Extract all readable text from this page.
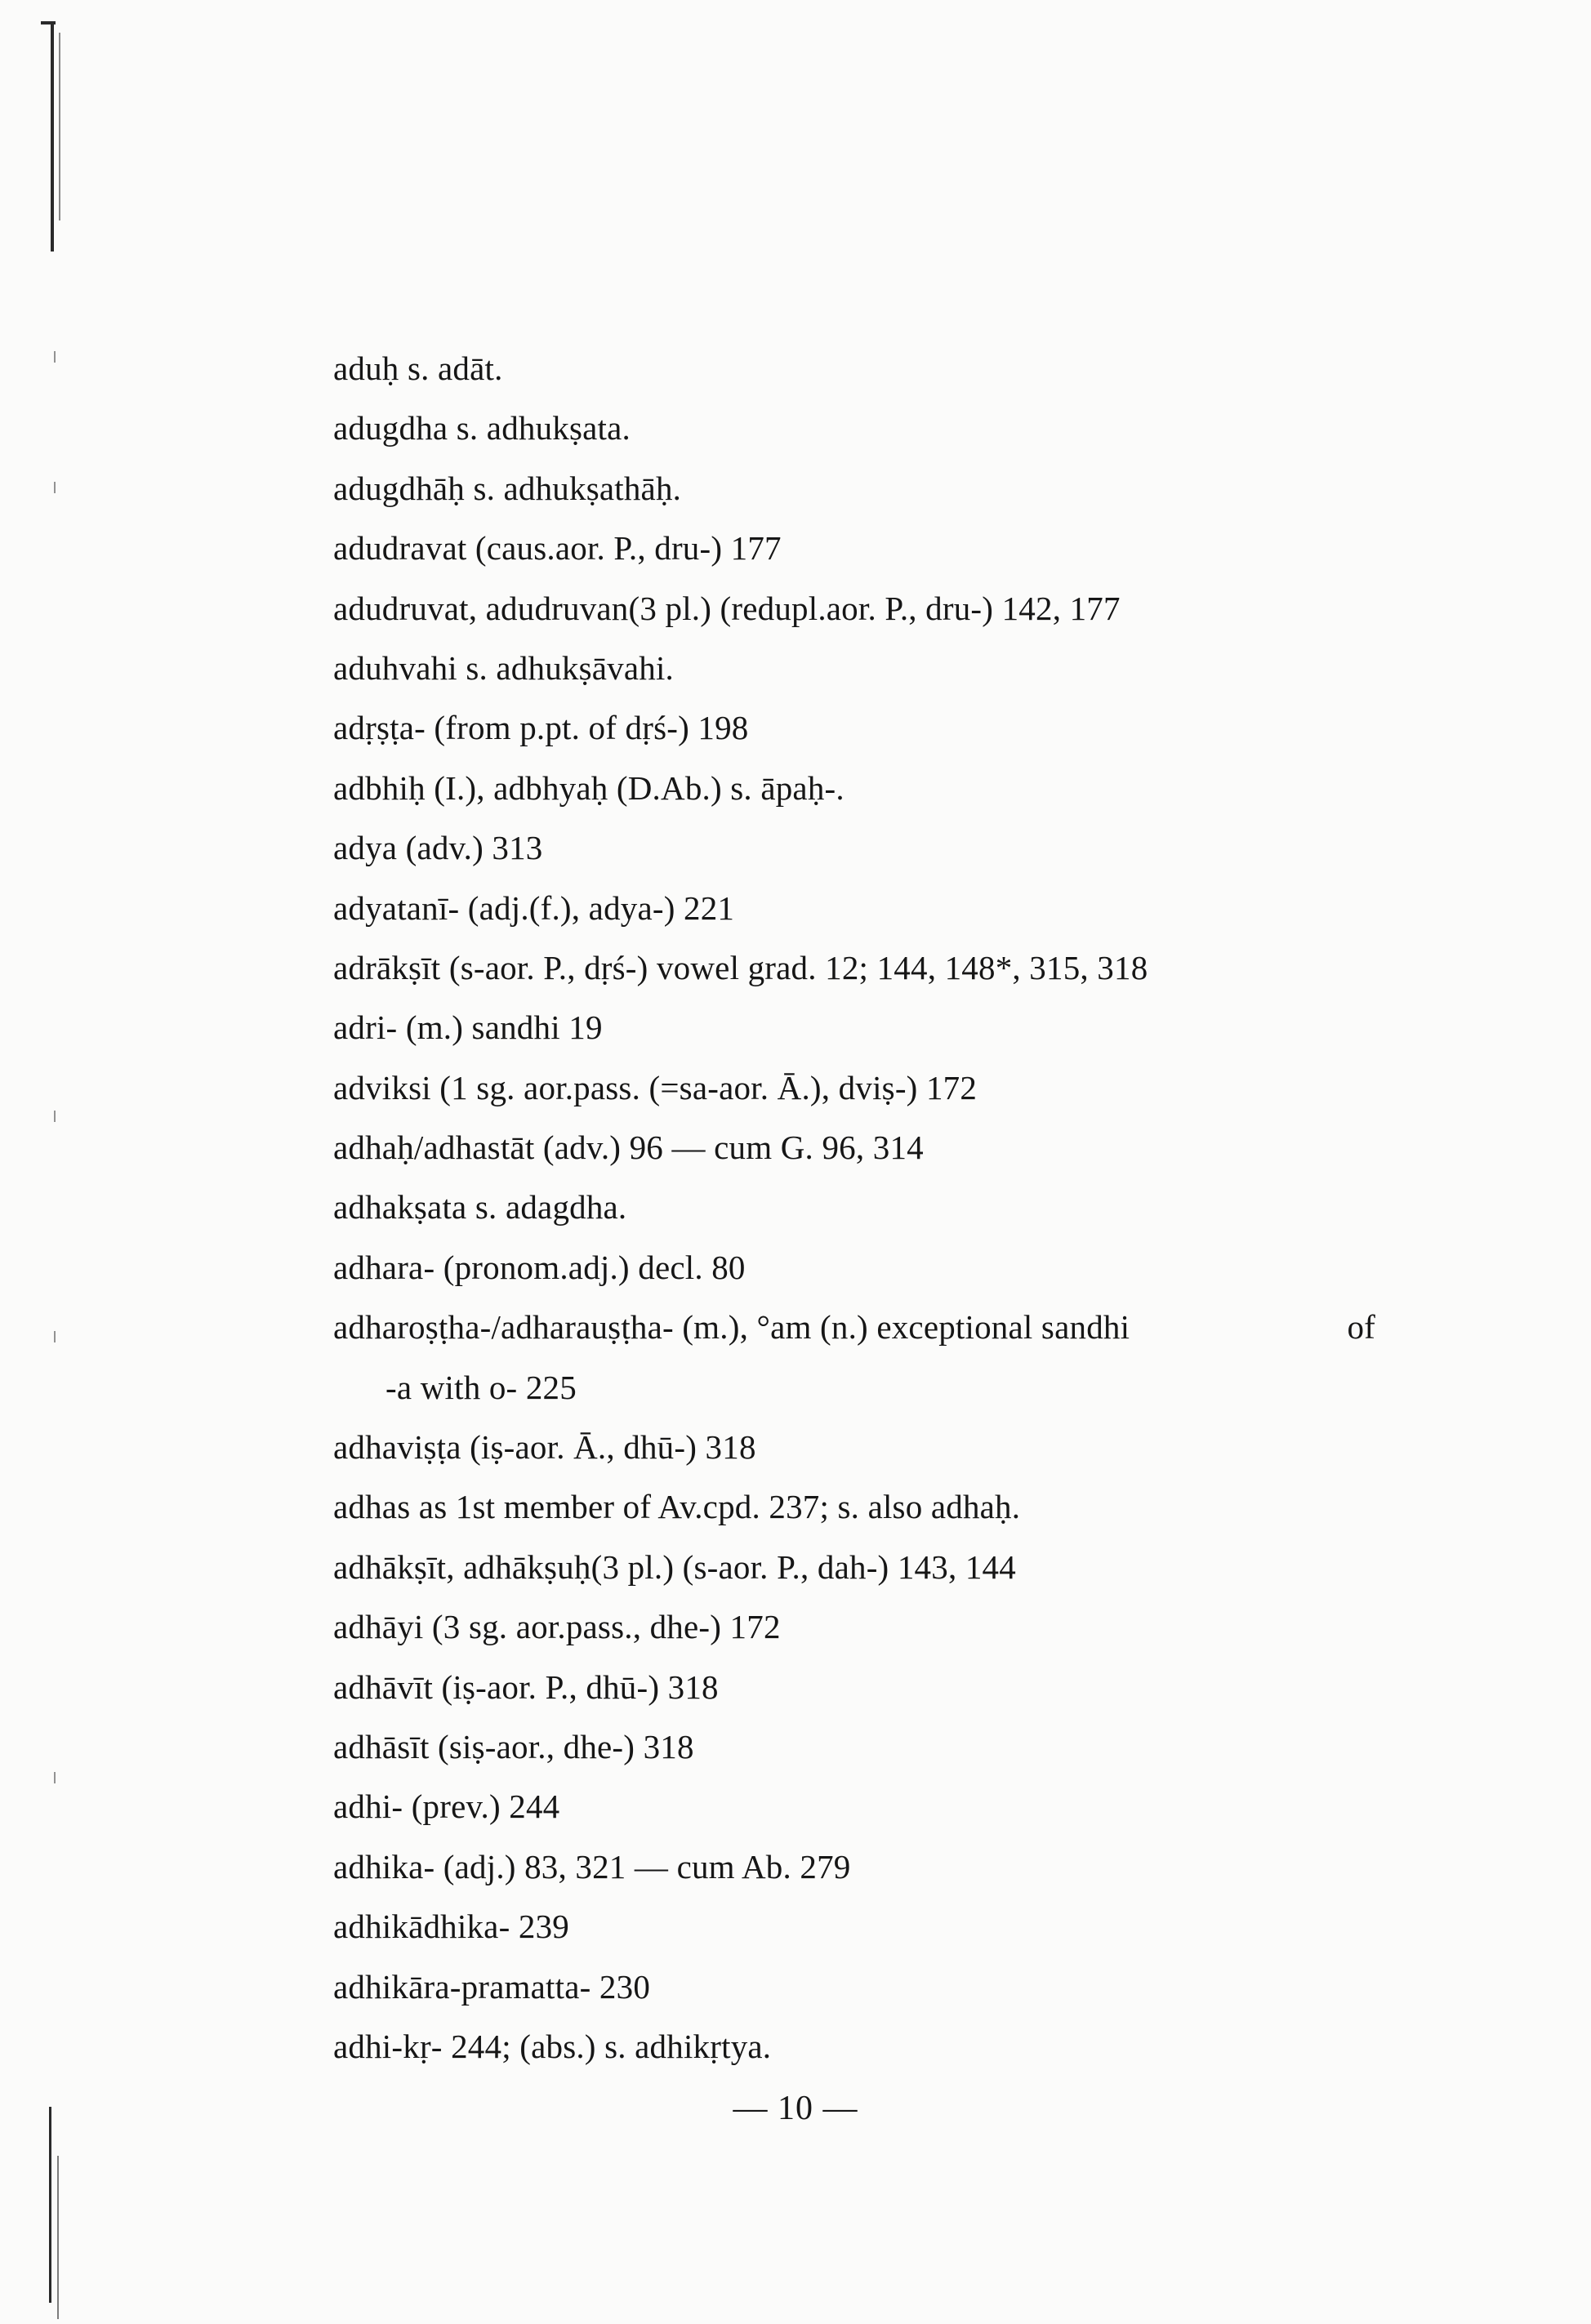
aduḥ s. adāt.
adugdha s. adhukṣata.
adugdhāḥ s. adhukṣathāḥ.
adudravat (caus.aor. P., dru-) 177
adudruvat, adudruvan(3 pl.) (redupl.aor. P., dru-) 142, 177
aduhvahi s. adhukṣāvahi.
adṛṣṭa- (from p.pt. of dṛś-) 198
adbhiḥ (I.), adbhyaḥ (D.Ab.) s. āpaḥ-.
adya (adv.) 313
adyatanī- (adj.(f.), adya-) 221
adrākṣīt (s-aor. P., dṛś-) vowel grad. 12; 144, 148*, 315, 318
adri- (m.) sandhi 19
adviksi (1 sg. aor.pass. (=sa-aor. Ā.), dviṣ-) 172
adhaḥ/adhastāt (adv.) 96 — cum G. 96, 314
adhakṣata s. adagdha.
adhara- (pronom.adj.) decl. 80
adharoṣṭha-/adharauṣṭha- (m.), °am (n.) exceptional sandhi	of
-a with o- 225
adhaviṣṭa (iṣ-aor. Ā., dhū-) 318
adhas as 1st member of Av.cpd. 237; s. also adhaḥ.
adhākṣīt, adhākṣuḥ(3 pl.) (s-aor. P., dah-) 143, 144
adhāyi (3 sg. aor.pass., dhe-) 172
adhāvīt (iṣ-aor. P., dhū-) 318
adhāsīt (siṣ-aor., dhe-) 318
adhi- (prev.) 244
adhika- (adj.) 83, 321 — cum Ab. 279
adhikādhika- 239
adhikāra-pramatta- 230
adhi-kṛ- 244; (abs.) s. adhikṛtya.
— 10 —
